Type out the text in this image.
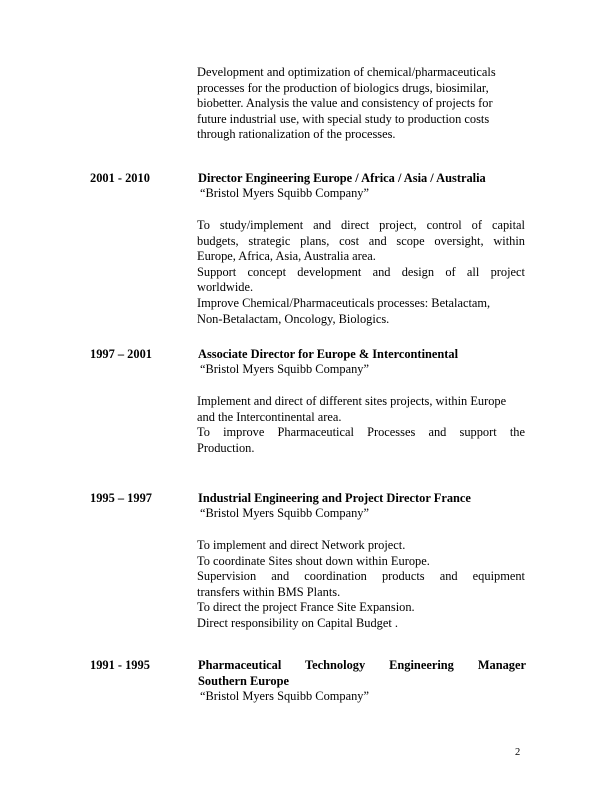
Development and optimization of chemical/pharmaceuticals
processes for the production of biologics drugs, biosimilar,
biobetter. Analysis the value and consistency of projects for
future industrial use, with special study to production costs
through rationalization of the processes.
2001 - 2010	Director Engineering Europe / Africa / Asia / Australia
“Bristol Myers Squibb Company”
To study/implement and direct project, control of capital
budgets, strategic plans, cost and scope oversight, within
Europe, Africa, Asia, Australia area.
Support concept development and design of all project
worldwide.
Improve Chemical/Pharmaceuticals processes: Betalactam,
Non-Betalactam, Oncology, Biologics.
1997 – 2001	Associate Director for Europe & Intercontinental
“Bristol Myers Squibb Company”
Implement and direct of different sites projects, within Europe
and the Intercontinental area.
To improve Pharmaceutical Processes and support the
Production.
1995 – 1997	Industrial Engineering and Project Director France
“Bristol Myers Squibb Company”
To implement and direct Network project.
To coordinate Sites shout down within Europe.
Supervision and coordination products and equipment
transfers within BMS Plants.
To direct the project France Site Expansion.
Direct responsibility on Capital Budget .
1991 - 1995	Pharmaceutical Technology Engineering Manager
Southern Europe
“Bristol Myers Squibb Company”
2
